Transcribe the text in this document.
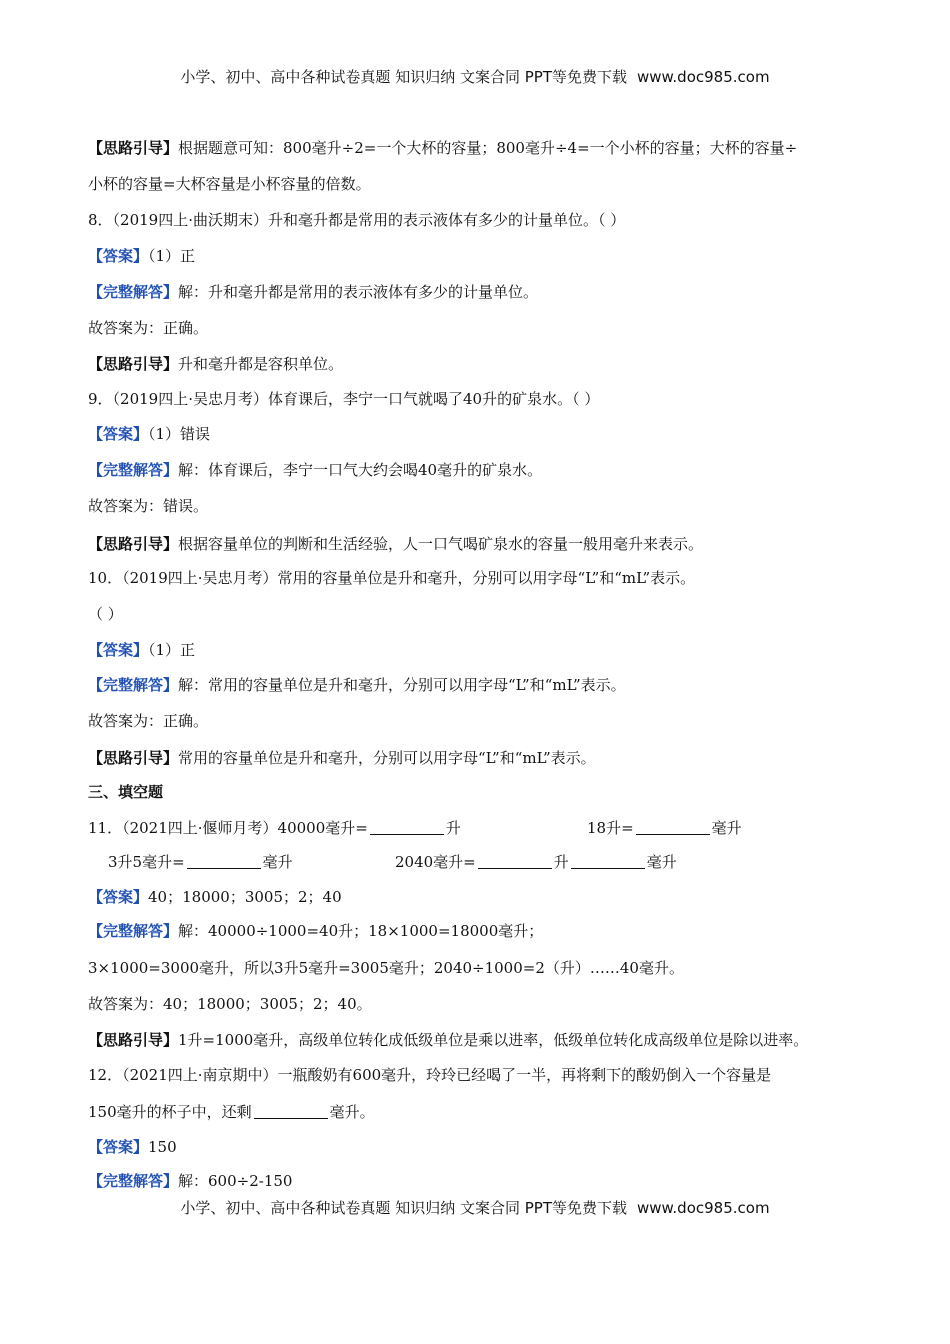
小学、初中、高中各种试卷真题 知识归纳 文案合同 PPT等免费下载 www.doc985.com
【思路引导】根据题意可知：800毫升÷2=一个大杯的容量；800毫升÷4=一个小杯的容量；大杯的容量÷
小杯的容量=大杯容量是小杯容量的倍数。
8．（2019四上·曲沃期末）升和毫升都是常用的表示液体有多少的计量单位。（ ）
【答案】（1）正
【完整解答】解：升和毫升都是常用的表示液体有多少的计量单位。
故答案为：正确。
【思路引导】升和毫升都是容积单位。
9．（2019四上·吴忠月考）体育课后，李宁一口气就喝了40升的矿泉水。（ ）
【答案】（1）错误
【完整解答】解：体育课后，李宁一口气大约会喝40毫升的矿泉水。
故答案为：错误。
【思路引导】根据容量单位的判断和生活经验，人一口气喝矿泉水的容量一般用毫升来表示。
10．（2019四上·吴忠月考）常用的容量单位是升和毫升，分别可以用字母“L”和“mL”表示。
（ ）
【答案】（1）正
【完整解答】解：常用的容量单位是升和毫升，分别可以用字母“L”和“mL”表示。
故答案为：正确。
【思路引导】常用的容量单位是升和毫升，分别可以用字母“L”和“mL”表示。
三、填空题
11．（2021四上·偃师月考）40000毫升=	升	18升=	毫升
3升5毫升=	毫升	2040毫升=	升	毫升
【答案】40；18000；3005；2；40
【完整解答】解：40000÷1000=40升；18×1000=18000毫升；
3×1000=3000毫升，所以3升5毫升=3005毫升；2040÷1000=2（升）……40毫升。
故答案为：40；18000；3005；2；40。
【思路引导】1升=1000毫升，高级单位转化成低级单位是乘以进率，低级单位转化成高级单位是除以进率。
12．（2021四上·南京期中）一瓶酸奶有600毫升，玲玲已经喝了一半，再将剩下的酸奶倒入一个容量是
150毫升的杯子中，还剩	毫升。
【答案】150
【完整解答】解：600÷2-150
小学、初中、高中各种试卷真题 知识归纳 文案合同 PPT等免费下载 www.doc985.com
